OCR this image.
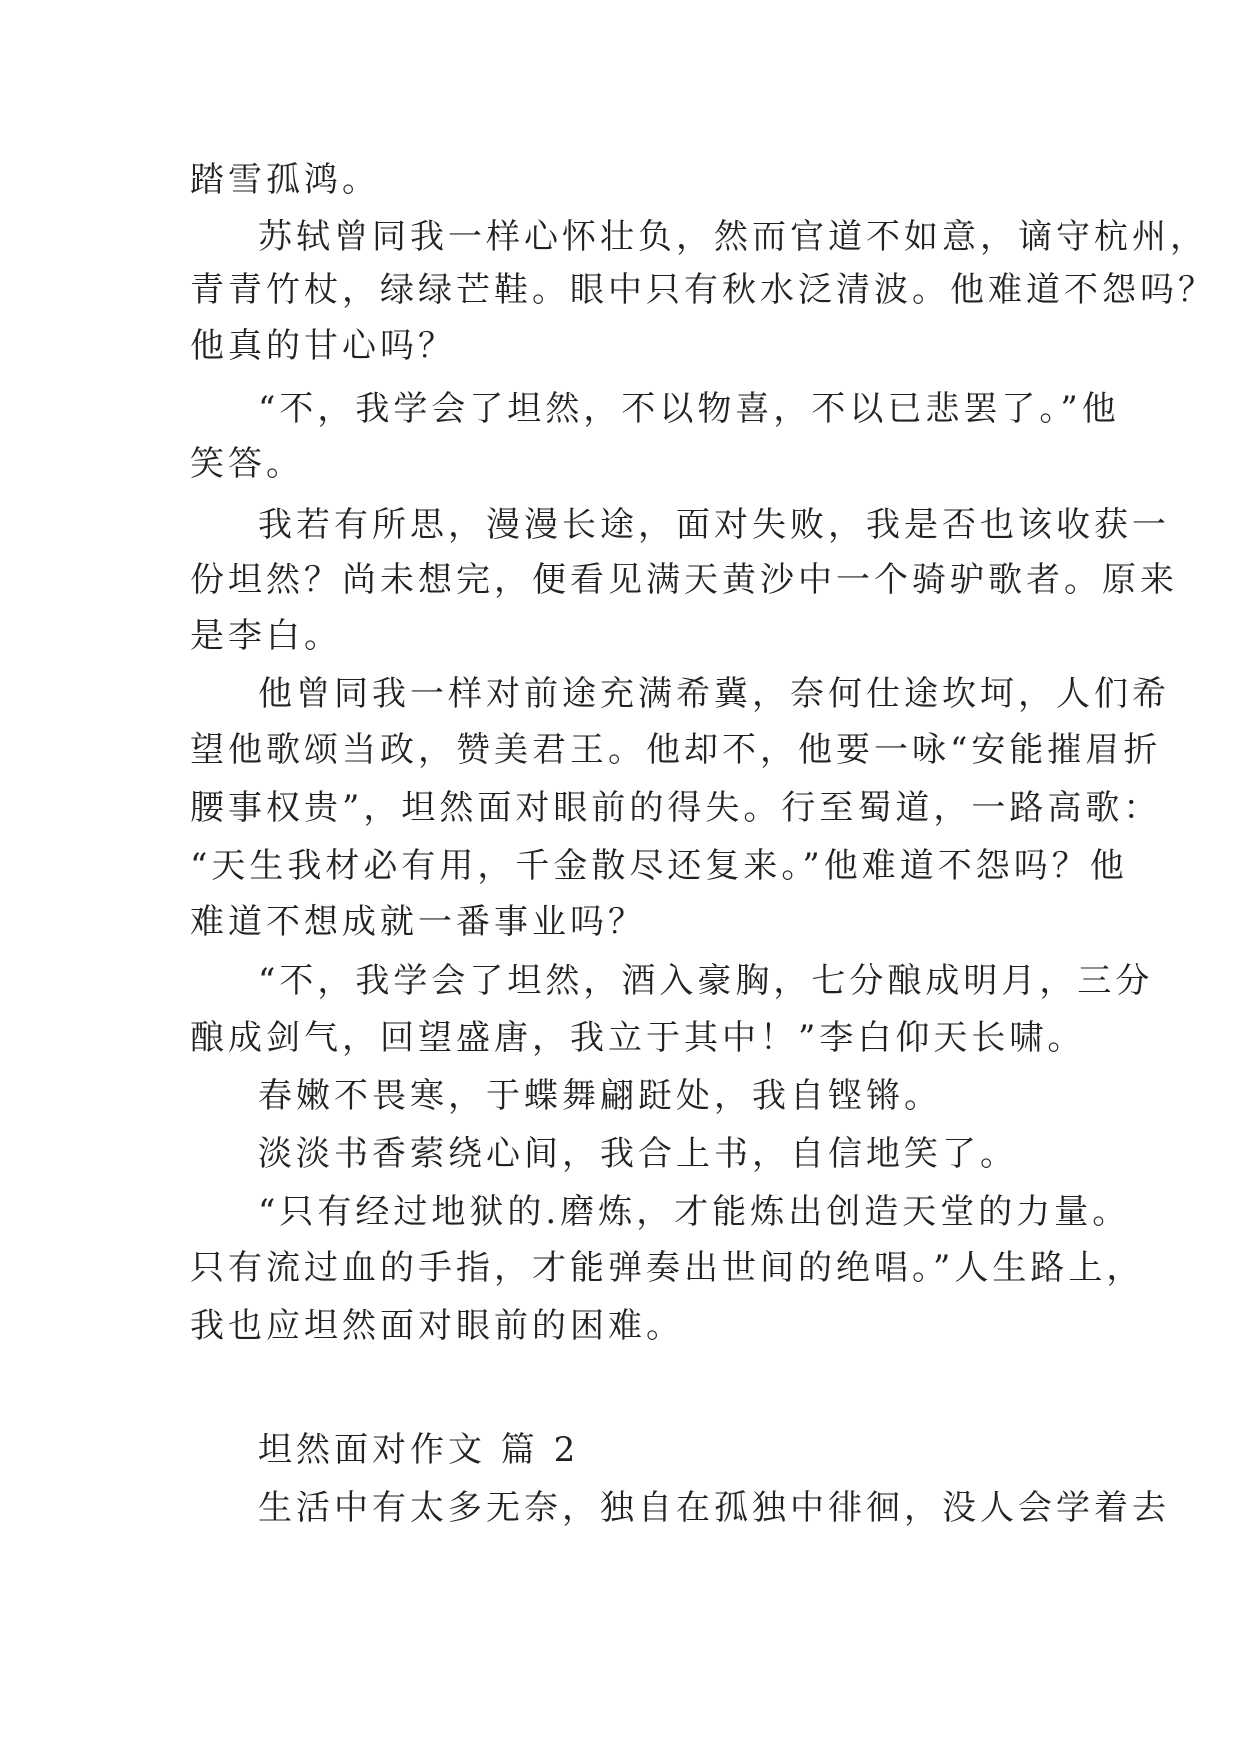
踏雪孤鸿。
苏轼曾同我一样心怀壮负，然而官道不如意，谪守杭州，
青青竹杖，绿绿芒鞋。眼中只有秋水泛清波。他难道不怨吗？
他真的甘心吗？
“不，我学会了坦然，不以物喜，不以已悲罢了。”他
笑答。
我若有所思，漫漫长途，面对失败，我是否也该收获一
份坦然？尚未想完，便看见满天黄沙中一个骑驴歌者。原来
是李白。
他曾同我一样对前途充满希冀，奈何仕途坎坷，人们希
望他歌颂当政，赞美君王。他却不，他要一咏“安能摧眉折
腰事权贵”，坦然面对眼前的得失。行至蜀道，一路高歌：
“天生我材必有用，千金散尽还复来。”他难道不怨吗？他
难道不想成就一番事业吗？
“不，我学会了坦然，酒入豪胸，七分酿成明月，三分
酿成剑气，回望盛唐，我立于其中！”李白仰天长啸。
春嫩不畏寒，于蝶舞翩跹处，我自铿锵。
淡淡书香萦绕心间，我合上书，自信地笑了。
“只有经过地狱的.磨炼，才能炼出创造天堂的力量。
只有流过血的手指，才能弹奏出世间的绝唱。”人生路上，
我也应坦然面对眼前的困难。
坦然面对作文 篇 2
生活中有太多无奈，独自在孤独中徘徊，没人会学着去
